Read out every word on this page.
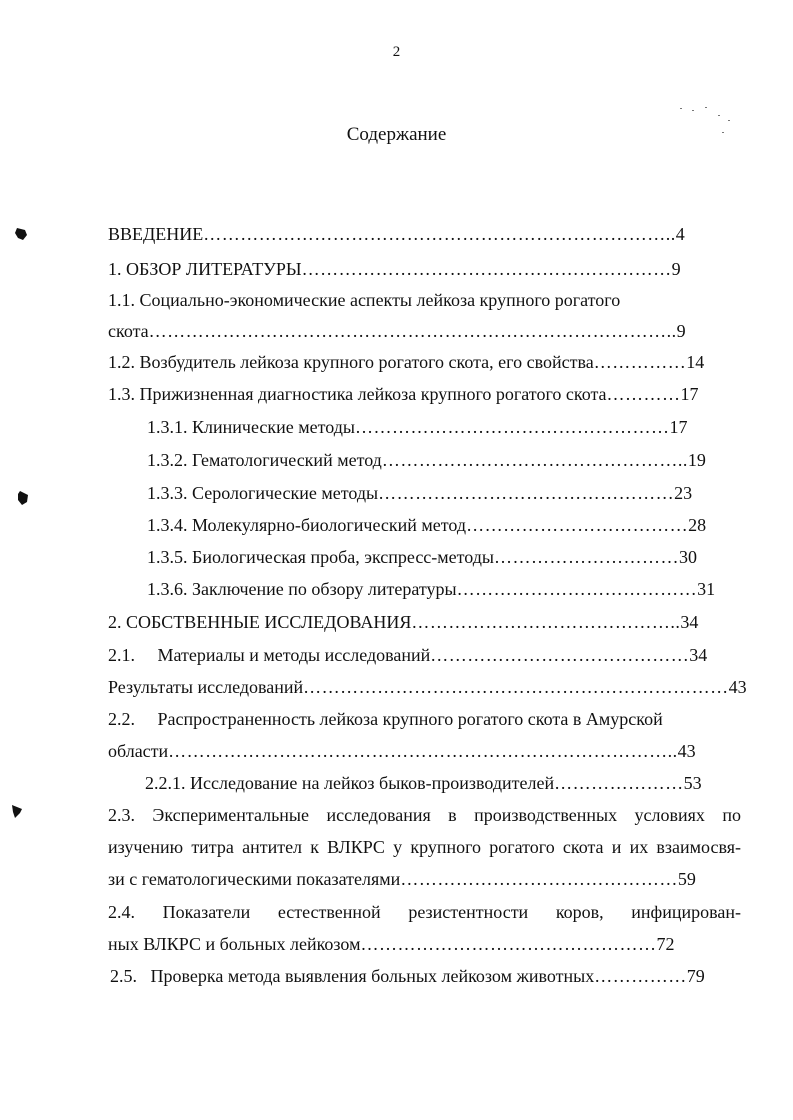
2
Содержание
ВВЕДЕНИЕ…………………………………………………………………..4
1. ОБЗОР ЛИТЕРАТУРЫ……………………………………………………9
1.1. Социально-экономические аспекты лейкоза крупного рогатого
скота…………………………………………………………………………..9
1.2. Возбудитель лейкоза крупного рогатого скота, его свойства……………14
1.3. Прижизненная диагностика лейкоза крупного рогатого скота…………17
1.3.1. Клинические методы……………………………………………17
1.3.2. Гематологический метод…………………………………………..19
1.3.3. Серологические методы…………………………………………23
1.3.4. Молекулярно-биологический метод………………………………28
1.3.5. Биологическая проба, экспресс-методы…………………………30
1.3.6. Заключение по обзору литературы…………………………………31
2. СОБСТВЕННЫЕ ИССЛЕДОВАНИЯ……………………………………..34
2.1.     Материалы и методы исследований……………………………………34
Результаты исследований……………………………………………………………43
2.2.     Распространенность лейкоза крупного рогатого скота в Амурской
области………………………………………………………………………..43
2.2.1. Исследование на лейкоз быков-производителей…………………53
2.3. Экспериментальные исследования в производственных условиях по
изучению титра антител к ВЛКРС у крупного рогатого скота и их взаимосвя-
зи с гематологическими показателями………………………………………59
2.4. Показатели естественной резистентности коров, инфицирован-
ных ВЛКРС и больных лейкозом…………………………………………72
2.5.   Проверка метода выявления больных лейкозом животных……………79
